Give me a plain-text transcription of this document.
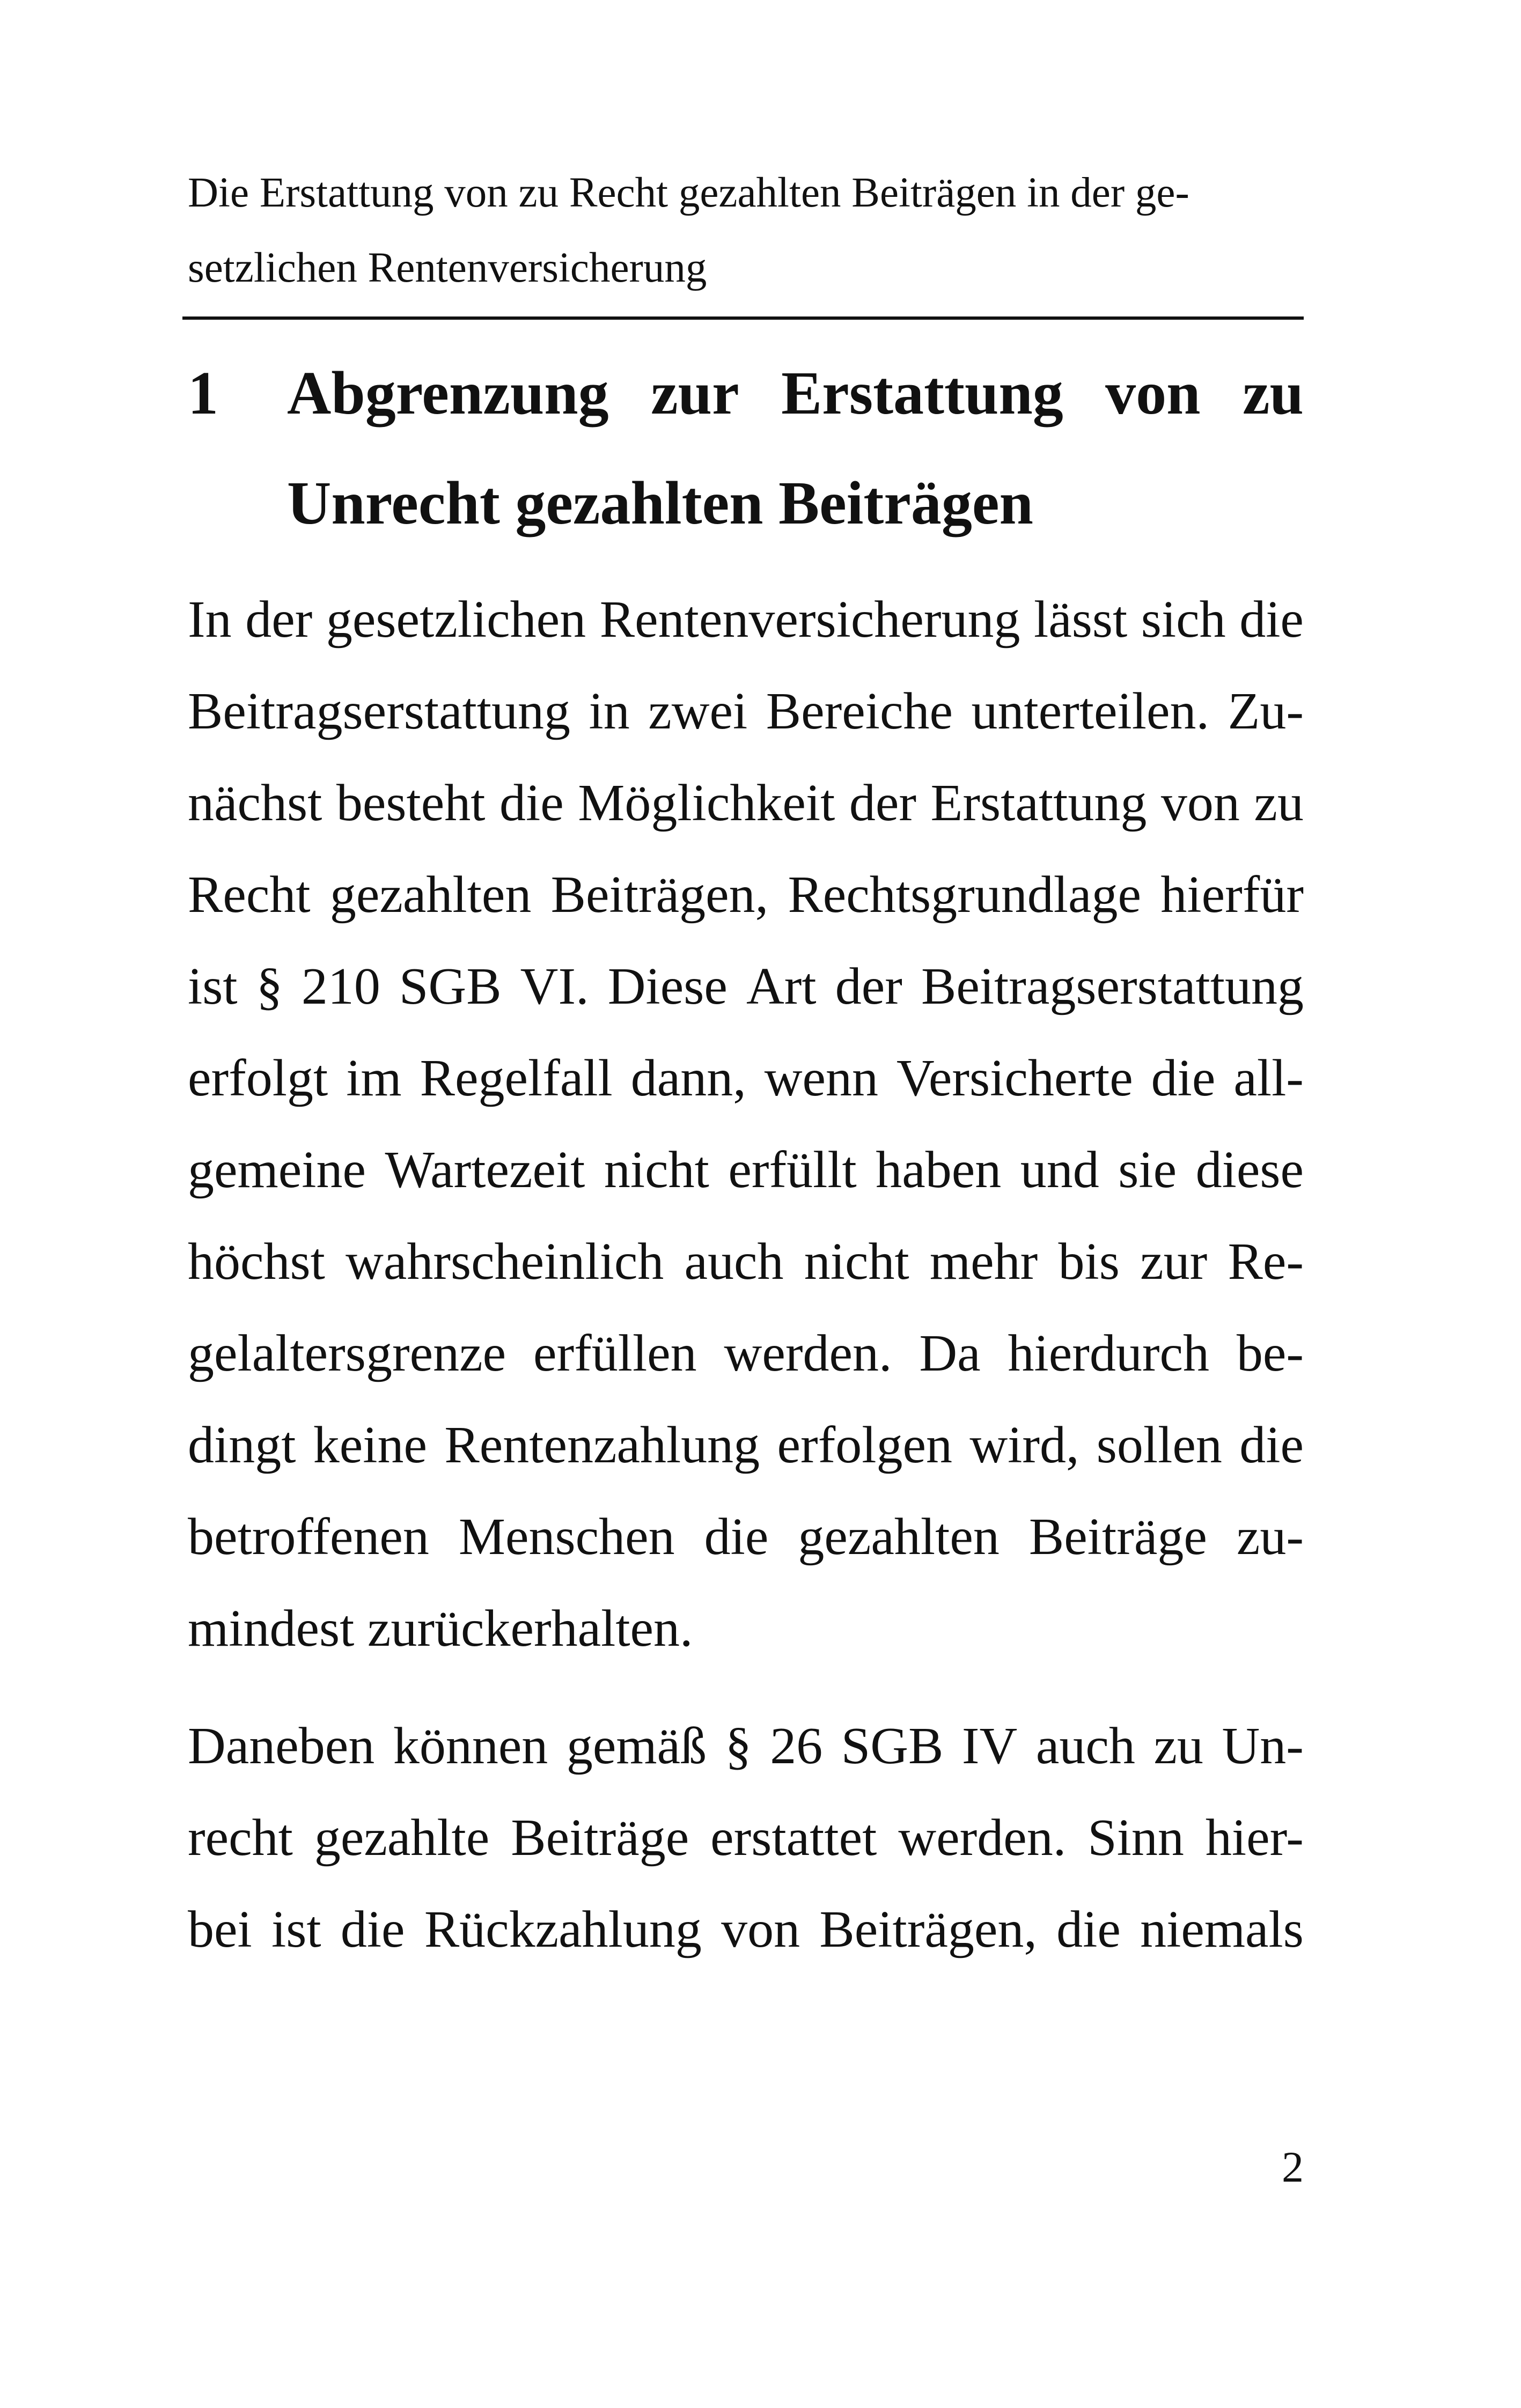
Die Erstattung von zu Recht gezahlten Beiträgen in der ge-
setzlichen Rentenversicherung
1 Abgrenzung zur Erstattung von zu
Unrecht gezahlten Beiträgen
In der gesetzlichen Rentenversicherung lässt sich die
Beitragserstattung in zwei Bereiche unterteilen. Zu-
nächst besteht die Möglichkeit der Erstattung von zu
Recht gezahlten Beiträgen, Rechtsgrundlage hierfür
ist § 210 SGB VI. Diese Art der Beitragserstattung
erfolgt im Regelfall dann, wenn Versicherte die all-
gemeine Wartezeit nicht erfüllt haben und sie diese
höchst wahrscheinlich auch nicht mehr bis zur Re-
gelaltersgrenze erfüllen werden. Da hierdurch be-
dingt keine Rentenzahlung erfolgen wird, sollen die
betroffenen Menschen die gezahlten Beiträge zu-
mindest zurückerhalten.
Daneben können gemäß § 26 SGB IV auch zu Un-
recht gezahlte Beiträge erstattet werden. Sinn hier-
bei ist die Rückzahlung von Beiträgen, die niemals
2
